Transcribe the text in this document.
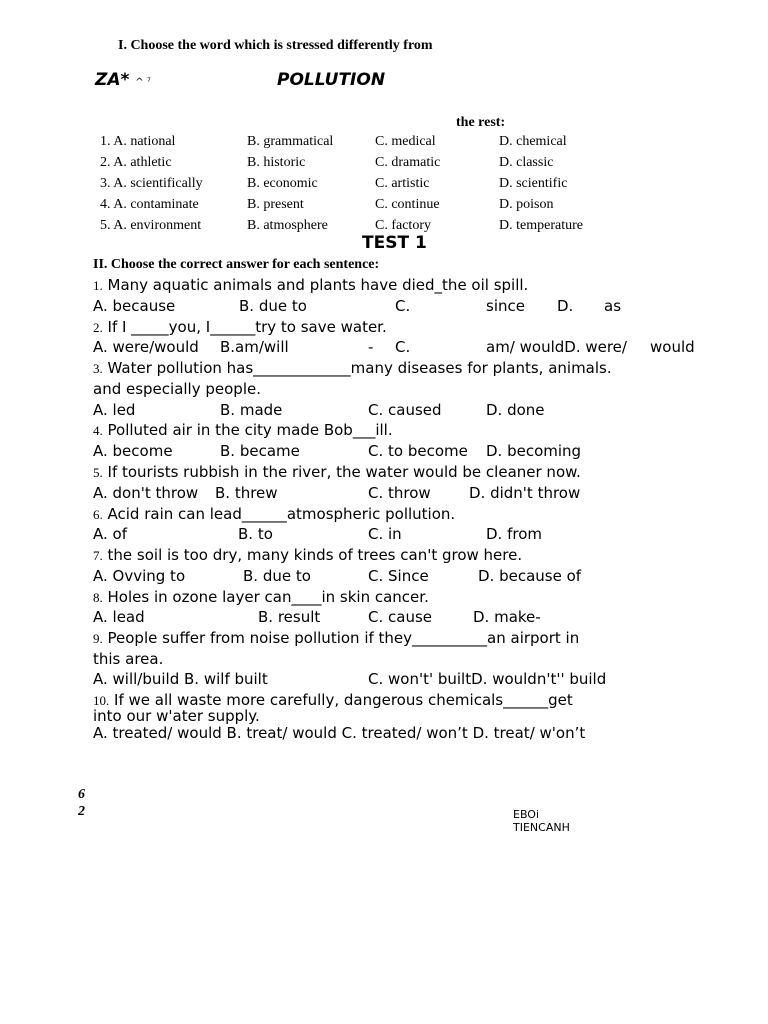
I. Choose the word which is stressed differently from
ZA* ^ ⁷	POLLUTION
the rest:
1. A. national	B. grammatical	C. medical	D. chemical
2. A. athletic	B. historic	C. dramatic	D. classic
3. A. scientifically	B. economic	C. artistic	D. scientific
4. A. contaminate	B. present	C. continue	D. poison
5. A. environment	B. atmosphere	C. factory	D. temperature
TEST 1
II. Choose the correct answer for each sentence:
1. Many aquatic animals and plants have died_the oil spill.
A. because	B. due to	C.	since D. as
2. If I _____you, I______try to save water.
A. were/would B.am/will	- C.	am/ wouldD. were/ would
3. Water pollution has_____________many diseases for plants, animals.
and especially people.
A. led	B. made	C. caused	D. done
4. Polluted air in the city made Bob___ill.
A. become	B. became	C. to become D. becoming
5. If tourists rubbish in the river, the water would be cleaner now.
A. don't throw B. threw	C. throw	D. didn't throw
6. Acid rain can lead______atmospheric pollution.
A. of	B. to	C. in	D. from
7. the soil is too dry, many kinds of trees can't grow here.
A. Ovving to	B. due to	C. Since	D. because of
8. Holes in ozone layer can____in skin cancer.
A. lead	B. result	C. cause	D. make-
9. People suffer from noise pollution if they__________an airport in
this area.
A. will/build B. wilf built	C. won't' builtD. wouldn't'' build
10. If we all waste more carefully, dangerous chemicals______get
into our w'ater supply.
A. treated/ would B. treat/ would C. treated/ won’t D. treat/ w'on’t
6
2	EBOi
TIENCANH
